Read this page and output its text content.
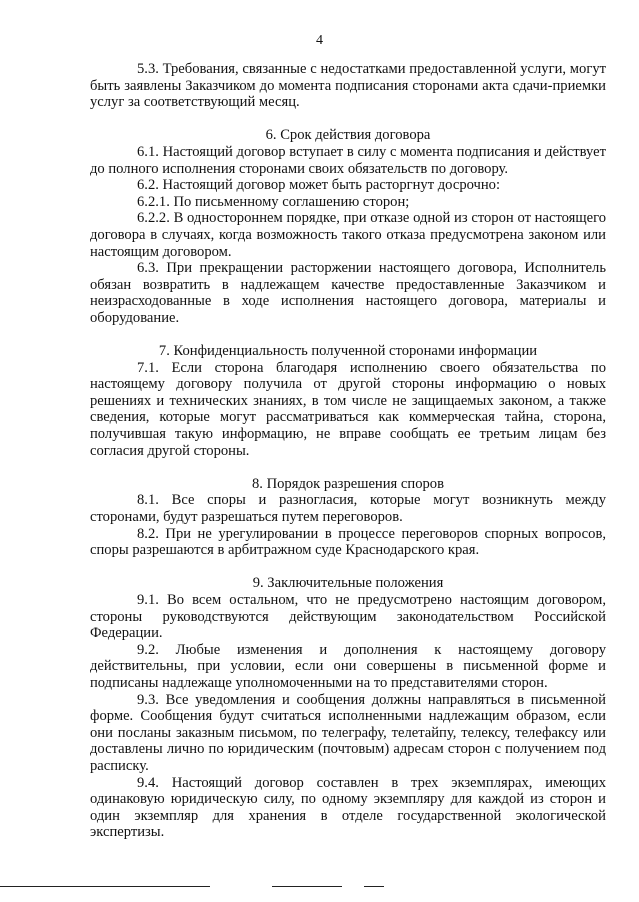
4

5.3. Требования, связанные с недостатками предоставленной услуги, могут быть заявлены Заказчиком до момента подписания сторонами акта сдачи-приемки услуг за соответствующий месяц.

6. Срок действия договора

6.1. Настоящий договор вступает в силу с момента подписания и действует до полного исполнения сторонами своих обязательств по договору.

6.2. Настоящий договор может быть расторгнут досрочно:

6.2.1. По письменному соглашению сторон;

6.2.2. В одностороннем порядке, при отказе одной из сторон от настоящего договора в случаях, когда возможность такого отказа предусмотрена законом или настоящим договором.

6.3. При прекращении расторжении настоящего договора, Исполнитель обязан возвратить в надлежащем качестве предоставленные Заказчиком и неизрасходованные в ходе исполнения настоящего договора, материалы и оборудование.

7. Конфиденциальность полученной сторонами информации

7.1. Если сторона благодаря исполнению своего обязательства по настоящему договору получила от другой стороны информацию о новых решениях и технических знаниях, в том числе не защищаемых законом, а также сведения, которые могут рассматриваться как коммерческая тайна, сторона, получившая такую информацию, не вправе сообщать ее третьим лицам без согласия другой стороны.

8. Порядок разрешения споров

8.1. Все споры и разногласия, которые могут возникнуть между сторонами, будут разрешаться путем переговоров.

8.2. При не урегулировании в процессе переговоров спорных вопросов, споры разрешаются в арбитражном суде Краснодарского края.

9. Заключительные положения

9.1. Во всем остальном, что не предусмотрено настоящим договором, стороны руководствуются действующим законодательством Российской Федерации.

9.2. Любые изменения и дополнения к настоящему договору действительны, при условии, если они совершены в письменной форме и подписаны надлежаще уполномоченными на то представителями сторон.

9.3. Все уведомления и сообщения должны направляться в письменной форме. Сообщения будут считаться исполненными надлежащим образом, если они посланы заказным письмом, по телеграфу, телетайпу, телексу, телефаксу или доставлены лично по юридическим (почтовым) адресам сторон с получением под расписку.

9.4. Настоящий договор составлен в трех экземплярах, имеющих одинаковую юридическую силу, по одному экземпляру для каждой из сторон и один экземпляр для хранения в отделе государственной экологической экспертизы.
